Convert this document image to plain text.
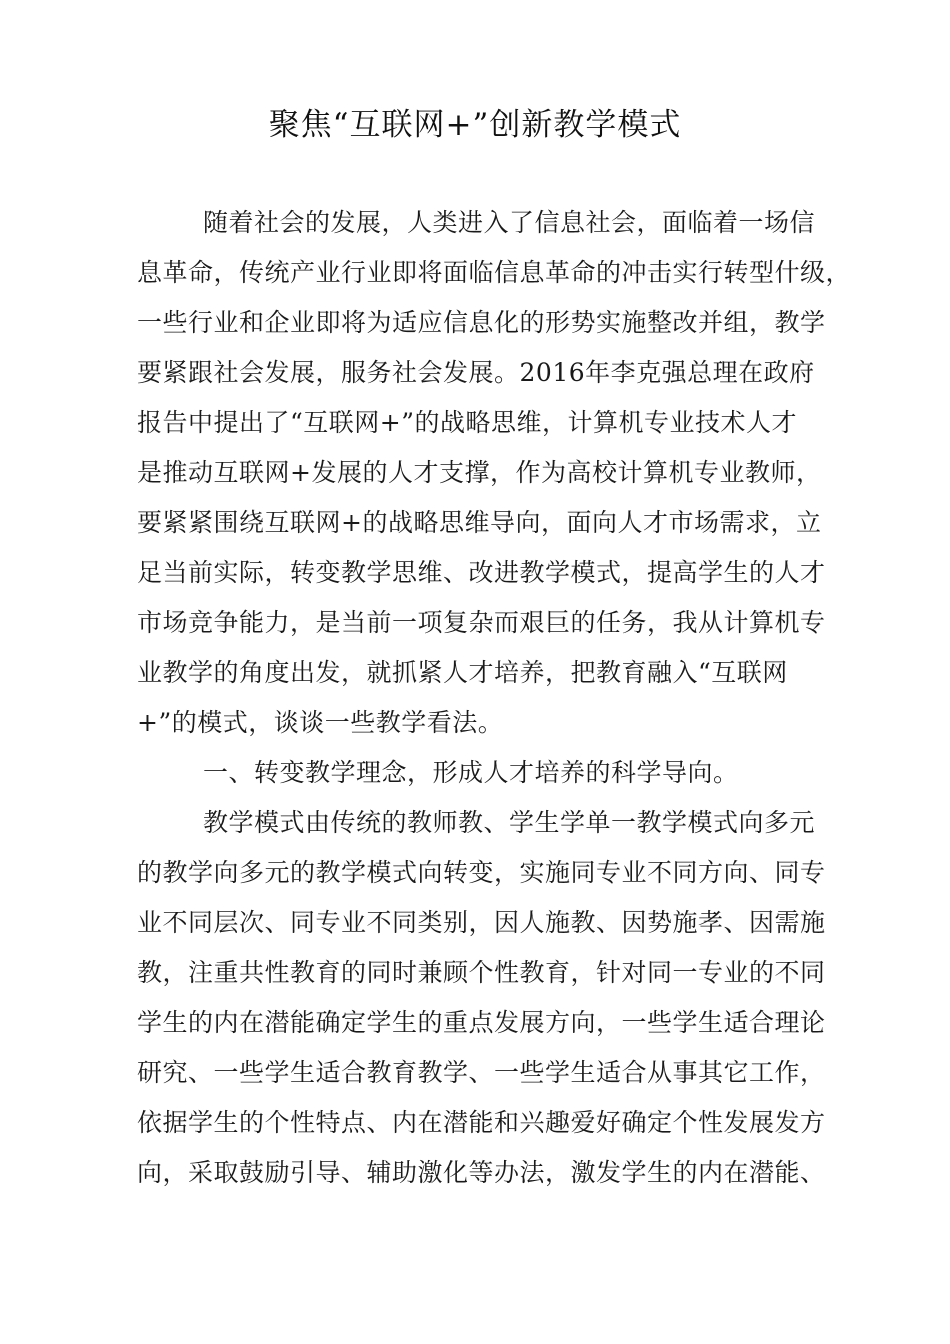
聚焦“互联网+”创新教学模式
随着社会的发展，人类进入了信息社会，面临着一场信
息革命，传统产业行业即将面临信息革命的冲击实行转型什级，
一些行业和企业即将为适应信息化的形势实施整改并组，教学
要紧跟社会发展，服务社会发展。2016年李克强总理在政府
报告中提出了“互联网+”的战略思维，计算机专业技术人才
是推动互联网+发展的人才支撑，作为高校计算机专业教师，
要紧紧围绕互联网+的战略思维导向，面向人才市场需求，立
足当前实际，转变教学思维、改进教学模式，提高学生的人才
市场竞争能力，是当前一项复杂而艰巨的任务，我从计算机专
业教学的角度出发，就抓紧人才培养，把教育融入“互联网
+”的模式，谈谈一些教学看法。
一、转变教学理念，形成人才培养的科学导向。
教学模式由传统的教师教、学生学单一教学模式向多元
的教学向多元的教学模式向转变，实施同专业不同方向、同专
业不同层次、同专业不同类别，因人施教、因势施孝、因需施
教，注重共性教育的同时兼顾个性教育，针对同一专业的不同
学生的内在潜能确定学生的重点发展方向，一些学生适合理论
研究、一些学生适合教育教学、一些学生适合从事其它工作，
依据学生的个性特点、内在潜能和兴趣爱好确定个性发展发方
向，采取鼓励引导、辅助激化等办法，激发学生的内在潜能、
